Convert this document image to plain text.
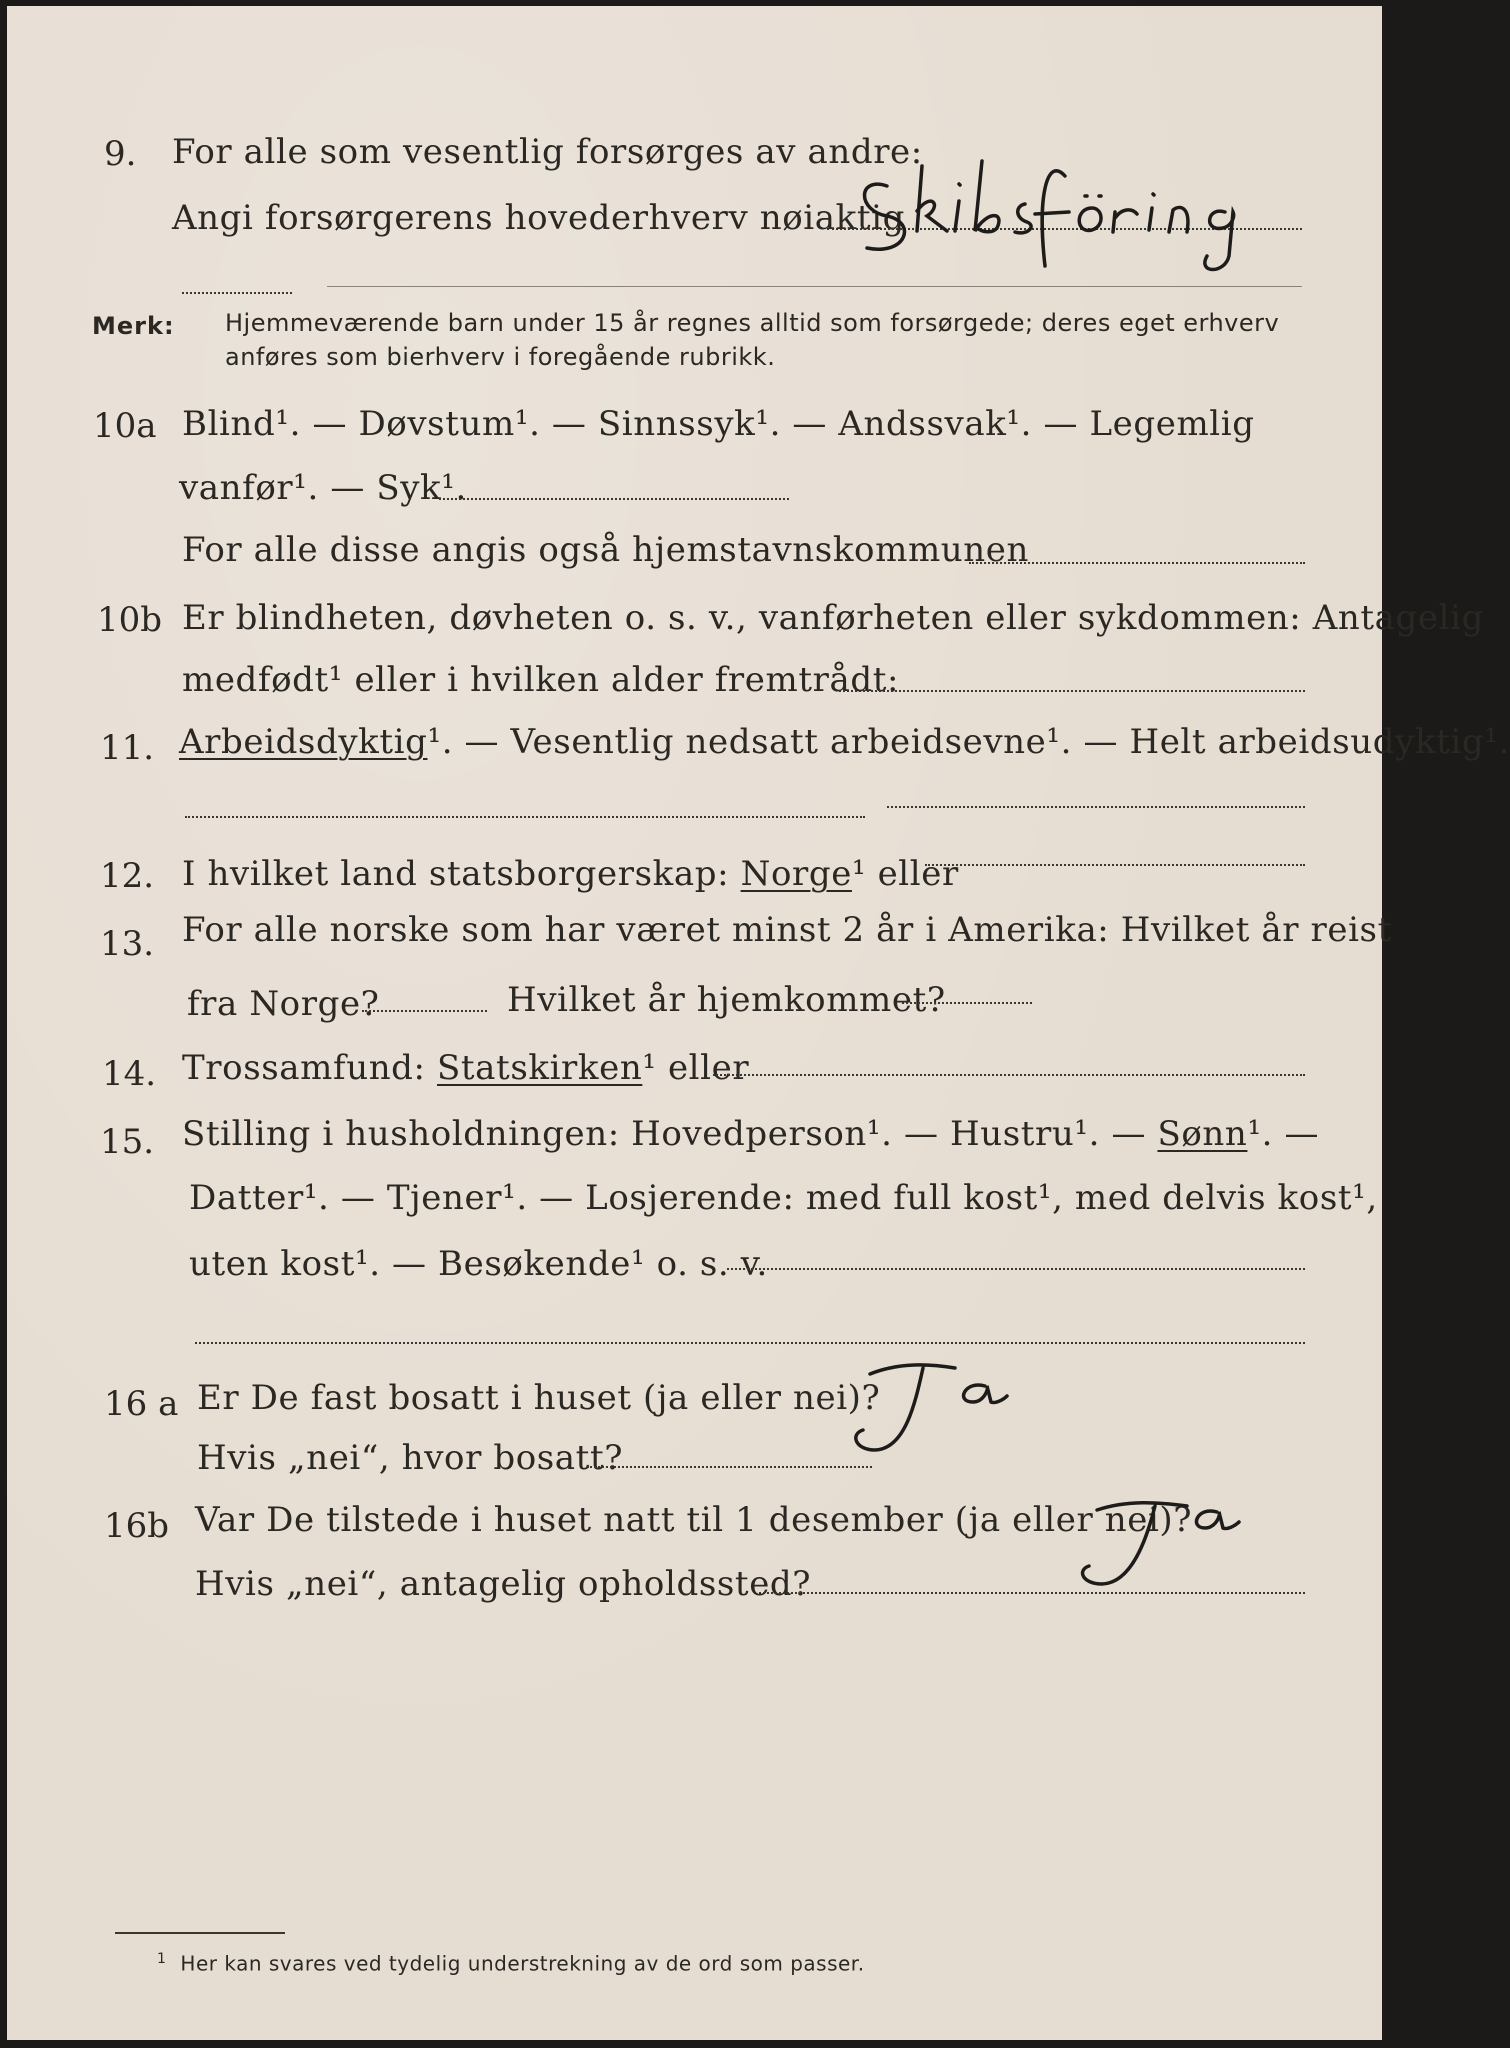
9. For alle som vesentlig forsørges av andre:
Angi forsørgerens hovederhverv nøiaktig
Merk: Hjemmeværende barn under 15 år regnes alltid som forsørgede; deres eget erhverv
anføres som bierhverv i foregående rubrikk.
10a Blind¹. — Døvstum¹. — Sinnssyk¹. — Andssvak¹. — Legemlig
vanfør¹. — Syk¹.
For alle disse angis også hjemstavnskommunen
10b Er blindheten, døvheten o. s. v., vanførheten eller sykdommen: Antagelig
medfødt¹ eller i hvilken alder fremtrådt:
11. Arbeidsdyktig¹. — Vesentlig nedsatt arbeidsevne¹. — Helt arbeidsudyktig¹.
12. I hvilket land statsborgerskap: Norge¹ eller
13. For alle norske som har været minst 2 år i Amerika: Hvilket år reist
fra Norge?	Hvilket år hjemkommet?
14. Trossamfund: Statskirken¹ eller
15. Stilling i husholdningen: Hovedperson¹. — Hustru¹. — Sønn¹. —
Datter¹. — Tjener¹. — Losjerende: med full kost¹, med delvis kost¹,
uten kost¹. — Besøkende¹ o. s. v.
16 a Er De fast bosatt i huset (ja eller nei)?
Hvis „nei“, hvor bosatt?
16b Var De tilstede i huset natt til 1 desember (ja eller nei)?
Hvis „nei“, antagelig opholdssted?
$^1$ Her kan svares ved tydelig understrekning av de ord som passer.
